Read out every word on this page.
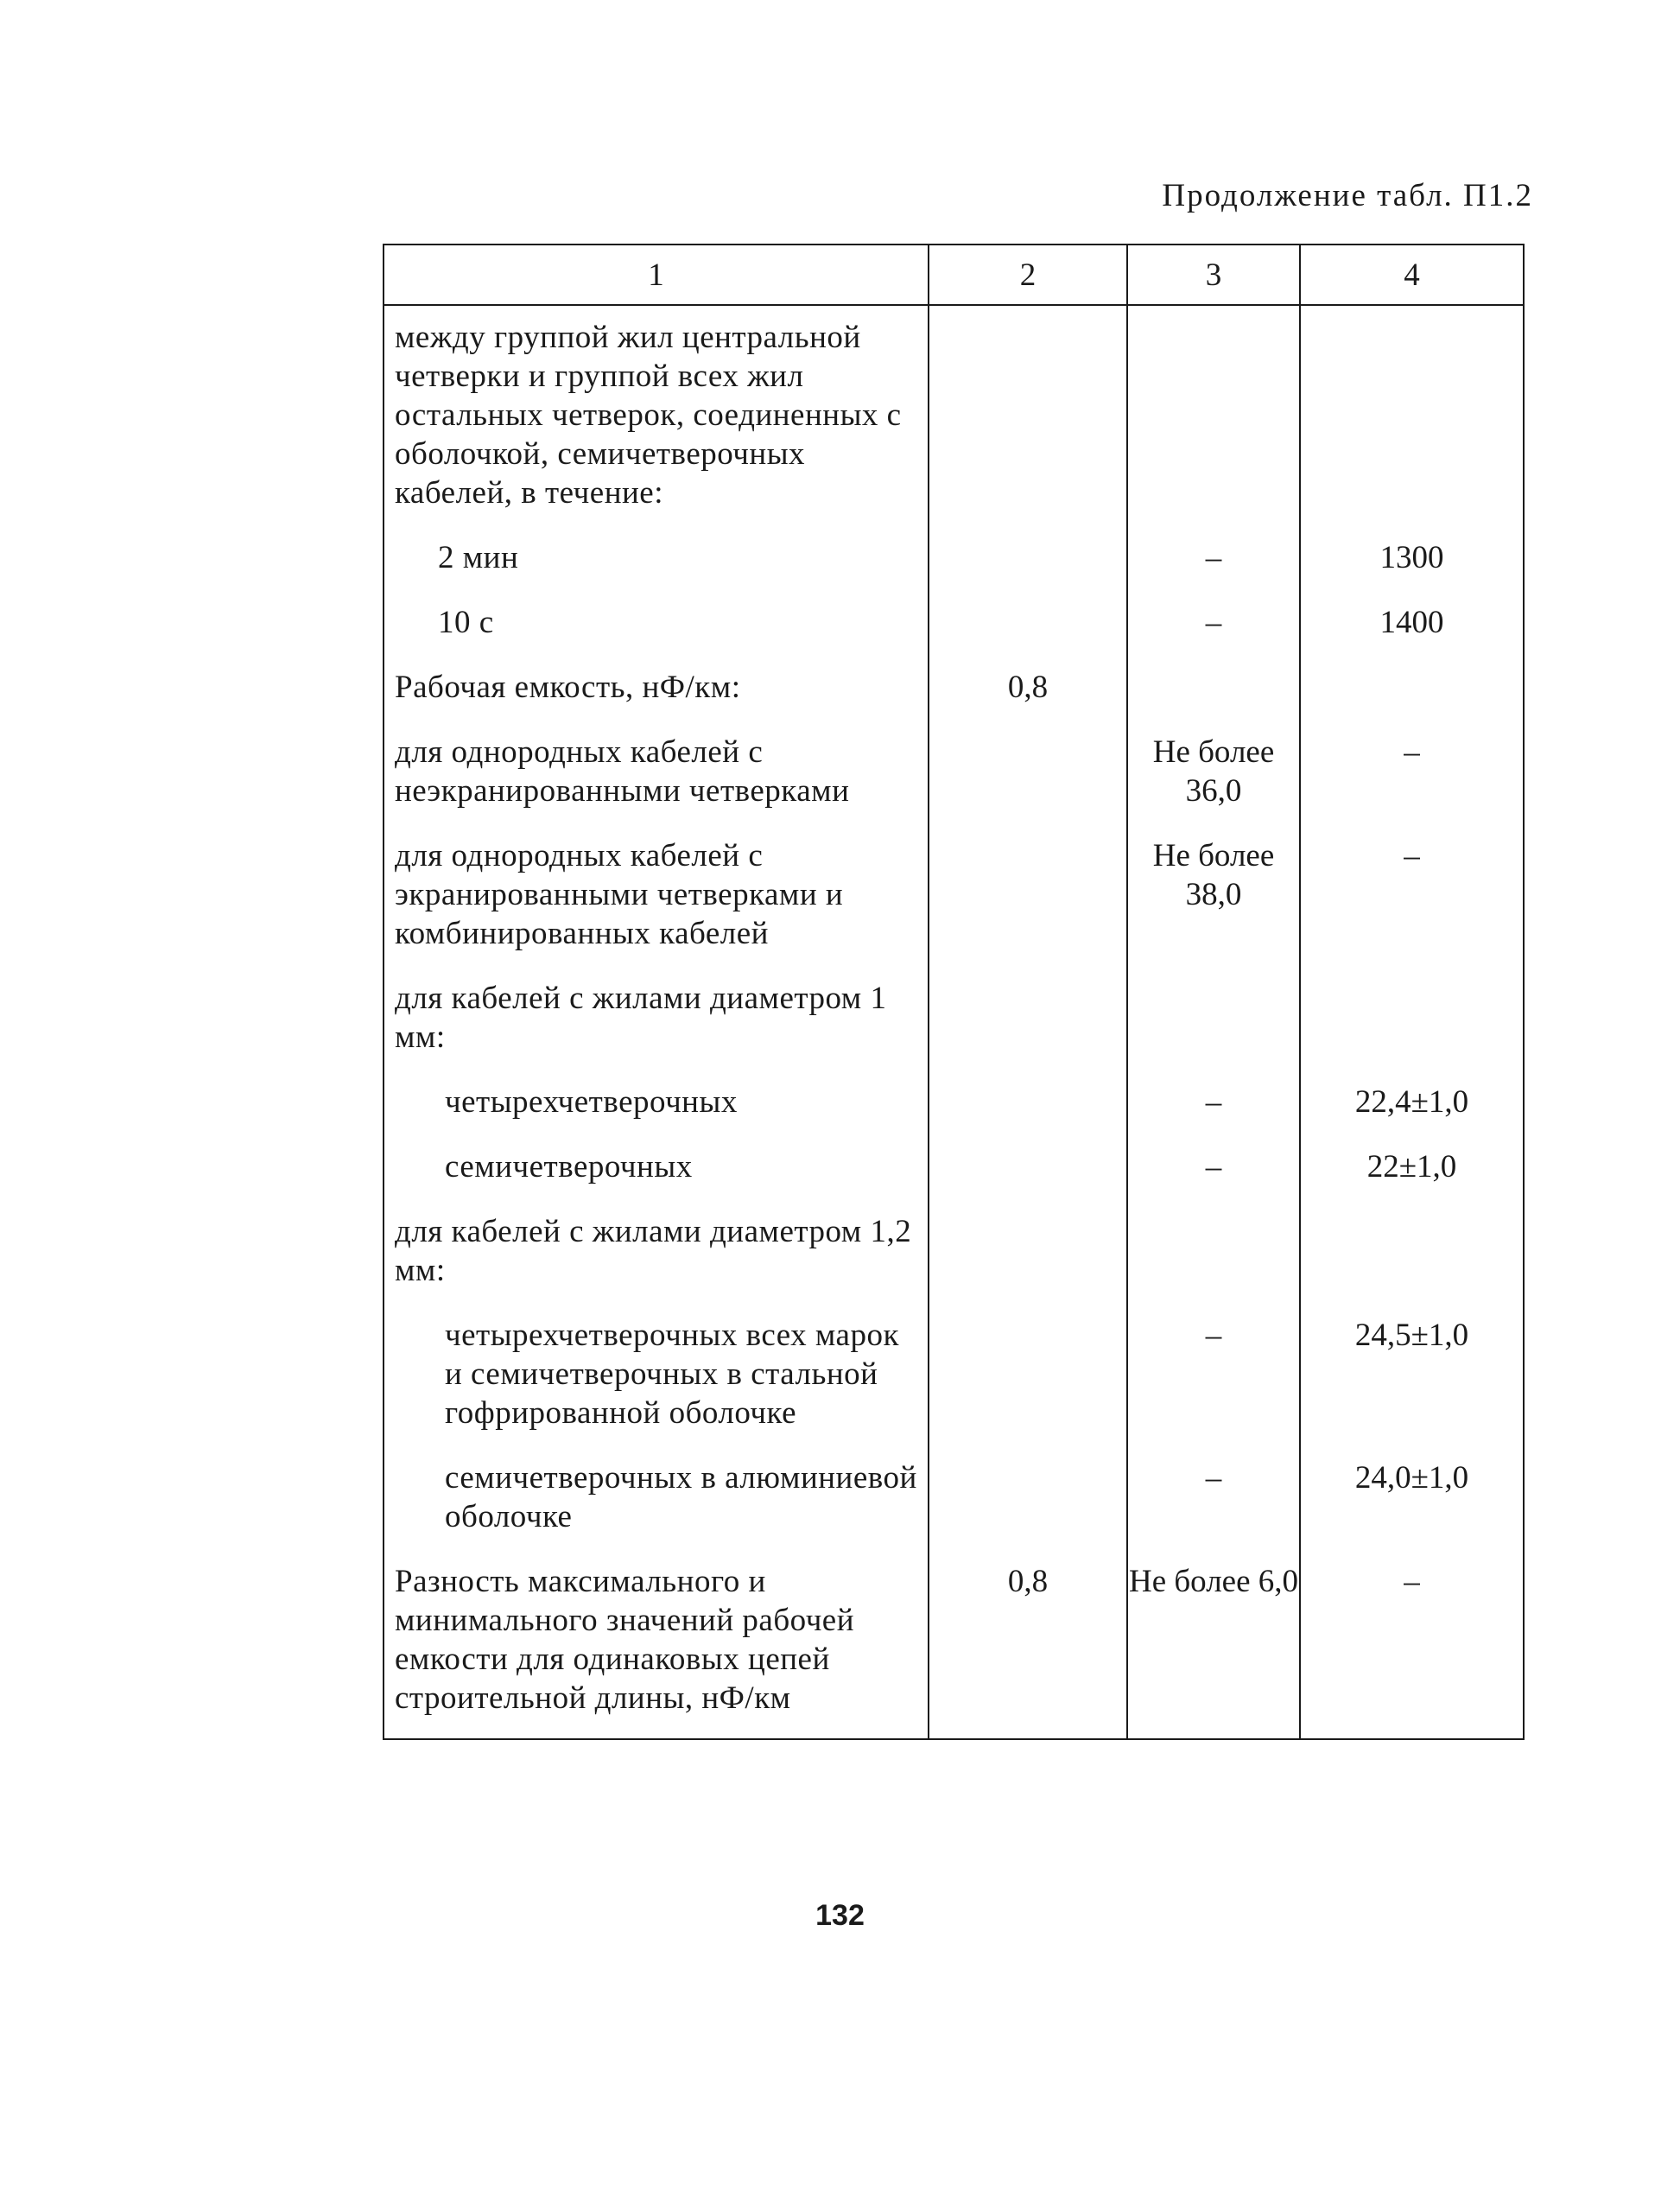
Продолжение табл. П1.2
1	2	3	4
между группой жил центральной четверки и группой всех жил остальных четверок, соединенных с оболочкой, семичетверочных кабелей, в течение:			
2 мин		–	1300
10 с		–	1400
Рабочая емкость, нФ/км:	0,8		
для однородных кабелей с неэкранированными четверками		Не более 36,0	–
для однородных кабелей с экранированными четверками и комбинированных кабелей		Не более 38,0	–
для кабелей с жилами диаметром 1 мм:			
четырехчетверочных		–	22,4±1,0
семичетверочных		–	22±1,0
для кабелей с жилами диаметром 1,2 мм:			
четырехчетверочных всех марок и семичетверочных в стальной гофрированной оболочке		–	24,5±1,0
семичетверочных в алюминиевой оболочке		–	24,0±1,0
Разность максимального и минимального значений рабочей емкости для одинаковых цепей строительной длины, нФ/км	0,8	Не более 6,0	–
132
